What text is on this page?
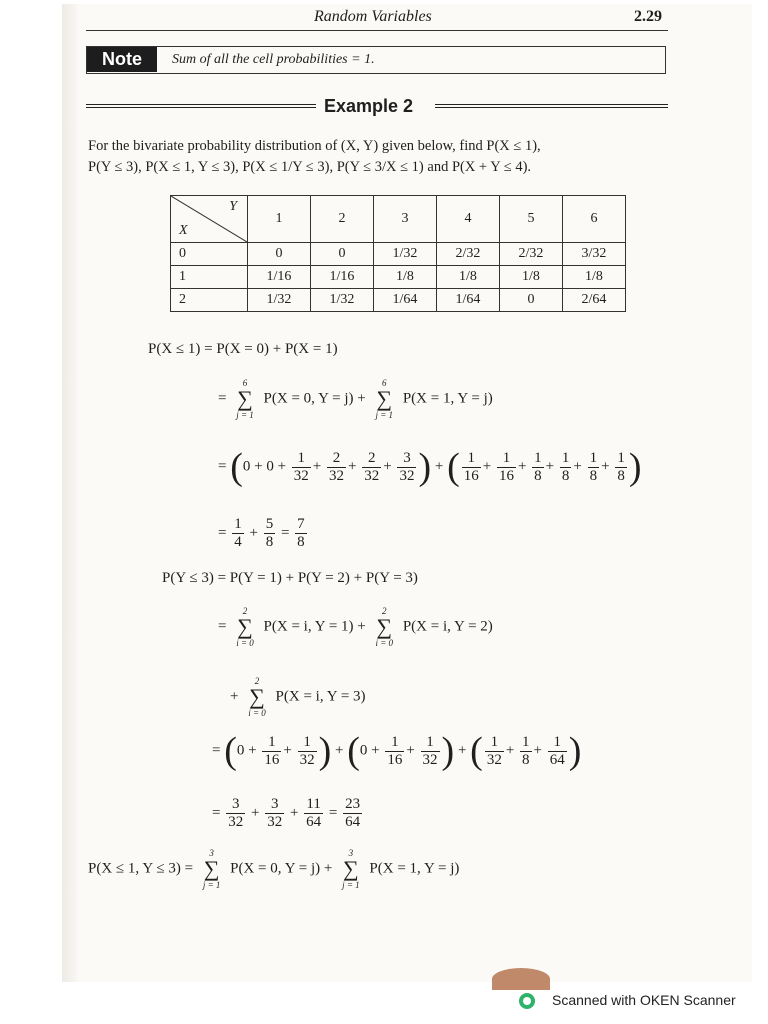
Random Variables	2.29
Note	Sum of all the cell probabilities = 1.
Example 2
For the bivariate probability distribution of (X, Y) given below, find P(X ≤ 1),
P(Y ≤ 3), P(X ≤ 1, Y ≤ 3), P(X ≤ 1/Y ≤ 3), P(Y ≤ 3/X ≤ 1) and P(X + Y ≤ 4).
Y
X	1	2	3	4	5	6
0	0	0	1/32	2/32	2/32	3/32
1	1/16	1/16	1/8	1/8	1/8	1/8
2	1/32	1/32	1/64	1/64	0	2/64
P(X ≤ 1) = P(X = 0) + P(X = 1)
=
6
∑
j = 1
P(X = 0, Y = j) +
6
∑
j = 1
P(X = 1, Y = j)
= ($0 + 0 + \frac{1}{32} + \frac{2}{32} + \frac{2}{32} + \frac{3}{32}$ ) + ( $\frac{1}{16} + \frac{1}{16} + \frac{1}{8} + \frac{1}{8} + \frac{1}{8} + \frac{1}{8}$ )
= $\frac{1}{4} + \frac{5}{8} = \frac{7}{8}$
P(Y ≤ 3) = P(Y = 1) + P(Y = 2) + P(Y = 3)
=
2
∑
i = 0
P(X = i, Y = 1) +
2
∑
i = 0
P(X = i, Y = 2)
+
2
∑
i = 0
P(X = i, Y = 3)
= ($0 + \frac{1}{16} + \frac{1}{32}$ ) + ($0 + \frac{1}{16} + \frac{1}{32}$ ) + ( $\frac{1}{32} + \frac{1}{8} + \frac{1}{64}$ )
= $\frac{3}{32} + \frac{3}{32} + \frac{11}{64} = \frac{23}{64}$
P(X ≤ 1, Y ≤ 3) =
3
∑
j = 1
P(X = 0, Y = j) +
3
∑
j = 1
P(X = 1, Y = j)
Scanned with OKEN Scanner
